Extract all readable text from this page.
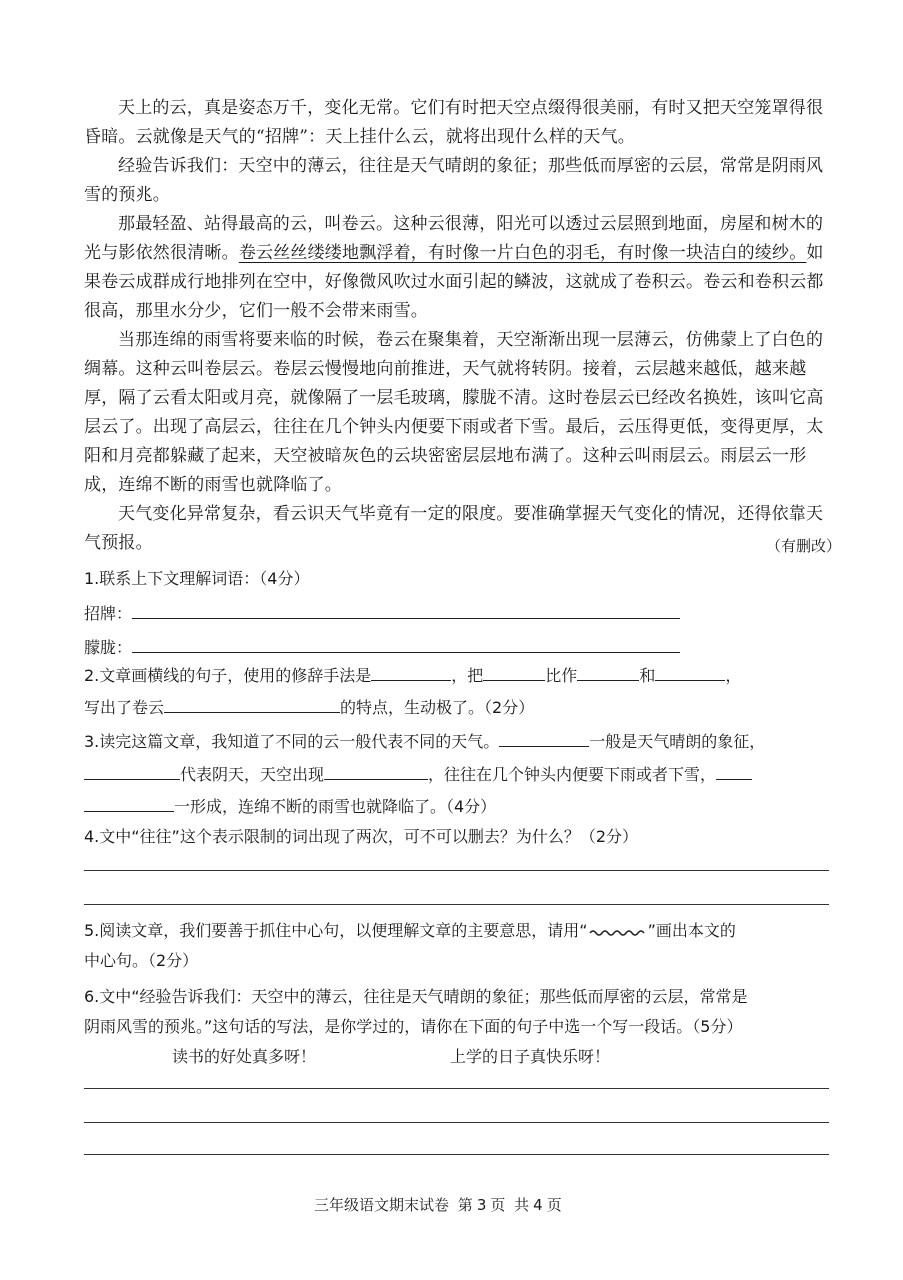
天上的云，真是姿态万千，变化无常。它们有时把天空点缀得很美丽，有时又把天空笼罩得很昏暗。云就像是天气的“招牌”：天上挂什么云，就将出现什么样的天气。

经验告诉我们：天空中的薄云，往往是天气晴朗的象征；那些低而厚密的云层，常常是阴雨风雪的预兆。

那最轻盈、站得最高的云，叫卷云。这种云很薄，阳光可以透过云层照到地面，房屋和树木的光与影依然很清晰。卷云丝丝缕缕地飘浮着，有时像一片白色的羽毛，有时像一块洁白的绫纱。如果卷云成群成行地排列在空中，好像微风吹过水面引起的鳞波，这就成了卷积云。卷云和卷积云都很高，那里水分少，它们一般不会带来雨雪。

当那连绵的雨雪将要来临的时候，卷云在聚集着，天空渐渐出现一层薄云，仿佛蒙上了白色的绸幕。这种云叫卷层云。卷层云慢慢地向前推进，天气就将转阴。接着，云层越来越低，越来越厚，隔了云看太阳或月亮，就像隔了一层毛玻璃，朦胧不清。这时卷层云已经改名换姓，该叫它高层云了。出现了高层云，往往在几个钟头内便要下雨或者下雪。最后，云压得更低，变得更厚，太阳和月亮都躲藏了起来，天空被暗灰色的云块密密层层地布满了。这种云叫雨层云。雨层云一形成，连绵不断的雨雪也就降临了。

天气变化异常复杂，看云识天气毕竟有一定的限度。要准确掌握天气变化的情况，还得依靠天气预报。	（有删改）
1.联系上下文理解词语：（4分）
招牌：
朦胧：
2.文章画横线的句子，使用的修辞手法是	，把	比作	和	，
写出了卷云	的特点，生动极了。（2分）
3.读完这篇文章，我知道了不同的云一般代表不同的天气。	一般是天气晴朗的象征，
代表阴天，天空出现	，往往在几个钟头内便要下雨或者下雪，
一形成，连绵不断的雨雪也就降临了。（4分）
4.文中“往往”这个表示限制的词出现了两次，可不可以删去？为什么？（2分）
5.阅读文章，我们要善于抓住中心句，以便理解文章的主要意思，请用“	”画出本文的
中心句。（2分）
6.文中“经验告诉我们：天空中的薄云，往往是天气晴朗的象征；那些低而厚密的云层，常常是
阴雨风雪的预兆。”这句话的写法，是你学过的，请你在下面的句子中选一个写一段话。（5分）
读书的好处真多呀！	上学的日子真快乐呀！
三年级语文期末试卷 第 3 页 共 4 页
